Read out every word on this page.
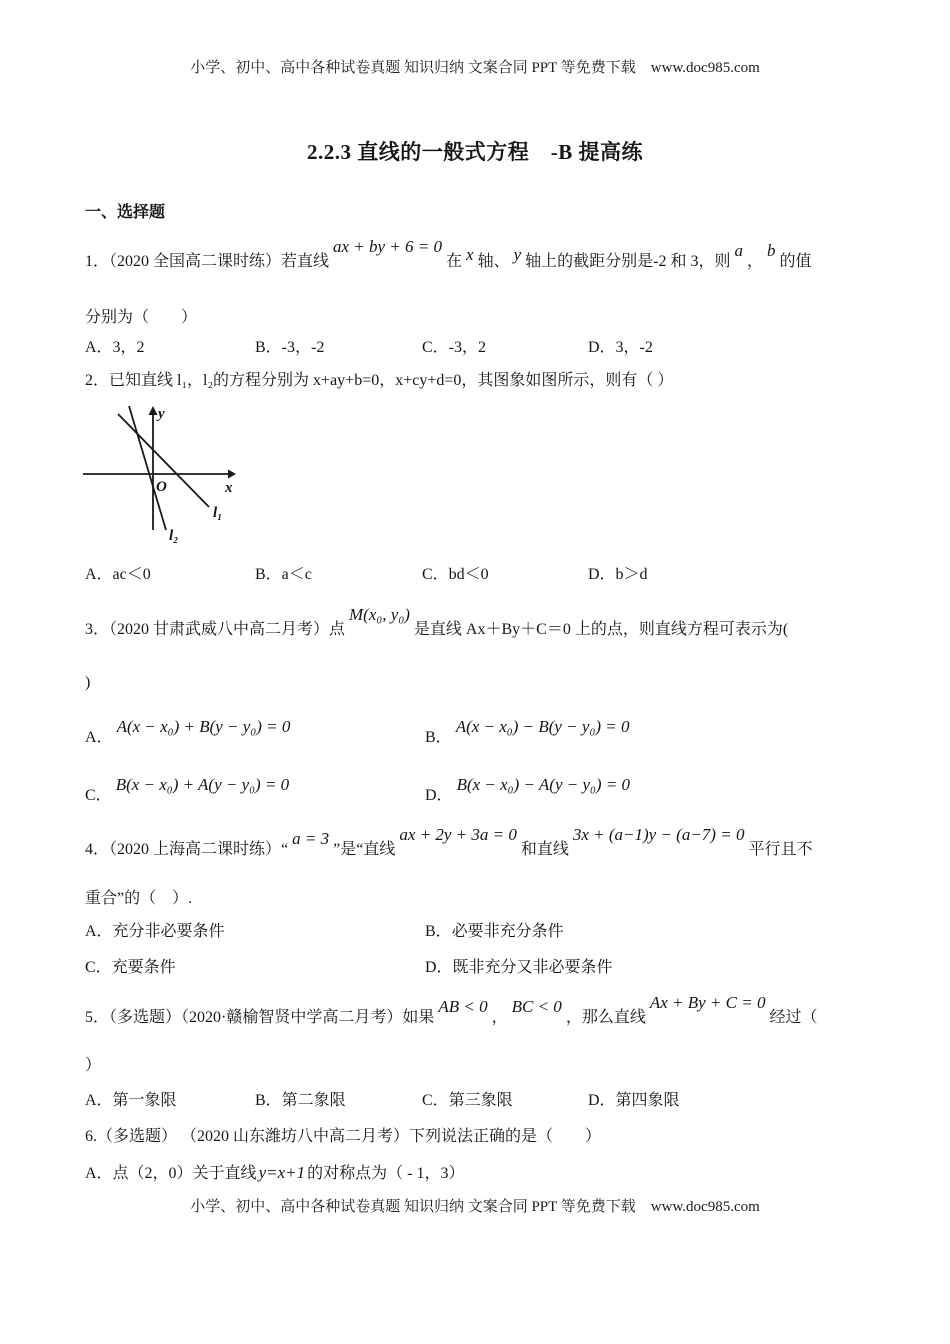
小学、初中、高中各种试卷真题 知识归纳 文案合同 PPT 等免费下载　www.doc985.com
2.2.3 直线的一般式方程　-B 提高练
一、选择题
1．（2020 全国高二课时练）若直线ax + by + 6 = 0在 x 轴、 y 轴上的截距分别是-2 和 3，则a，b的值
分别为（　　）
A．3，2	B．-3，-2	C．-3，2	D．3，-2
2．已知直线 l₁，l₂的方程分别为 x+ay+b=0，x+cy+d=0，其图象如图所示，则有（ ）
y
x
O
l₁
l₂
A．ac＜0	B．a＜c	C．bd＜0	D．b＞d
3．（2020 甘肃武威八中高二月考）点M(x₀, y₀)是直线 Ax＋By＋C＝0 上的点，则直线方程可表示为(
)
A．A(x − x₀) + B(y − y₀) = 0
B．A(x − x₀) − B(y − y₀) = 0
C．B(x − x₀) + A(y − y₀) = 0
D．B(x − x₀) − A(y − y₀) = 0
4．（2020 上海高二课时练）“a = 3”是“直线ax + 2y + 3a = 0和直线3x + (a−1)y − (a−7) = 0平行且不
重合”的（　）.
A．充分非必要条件	B．必要非充分条件
C．充要条件	D．既非充分又非必要条件
5．（多选题）（2020·赣榆智贤中学高二月考）如果AB < 0，BC < 0，那么直线Ax + By + C = 0经过（
）
A．第一象限	B．第二象限	C．第三象限	D．第四象限
6.（多选题） （2020 山东潍坊八中高二月考）下列说法正确的是（　　）
A．点（2，0）关于直线 y=x+1 的对称点为（ - 1，3）
小学、初中、高中各种试卷真题 知识归纳 文案合同 PPT 等免费下载　www.doc985.com
